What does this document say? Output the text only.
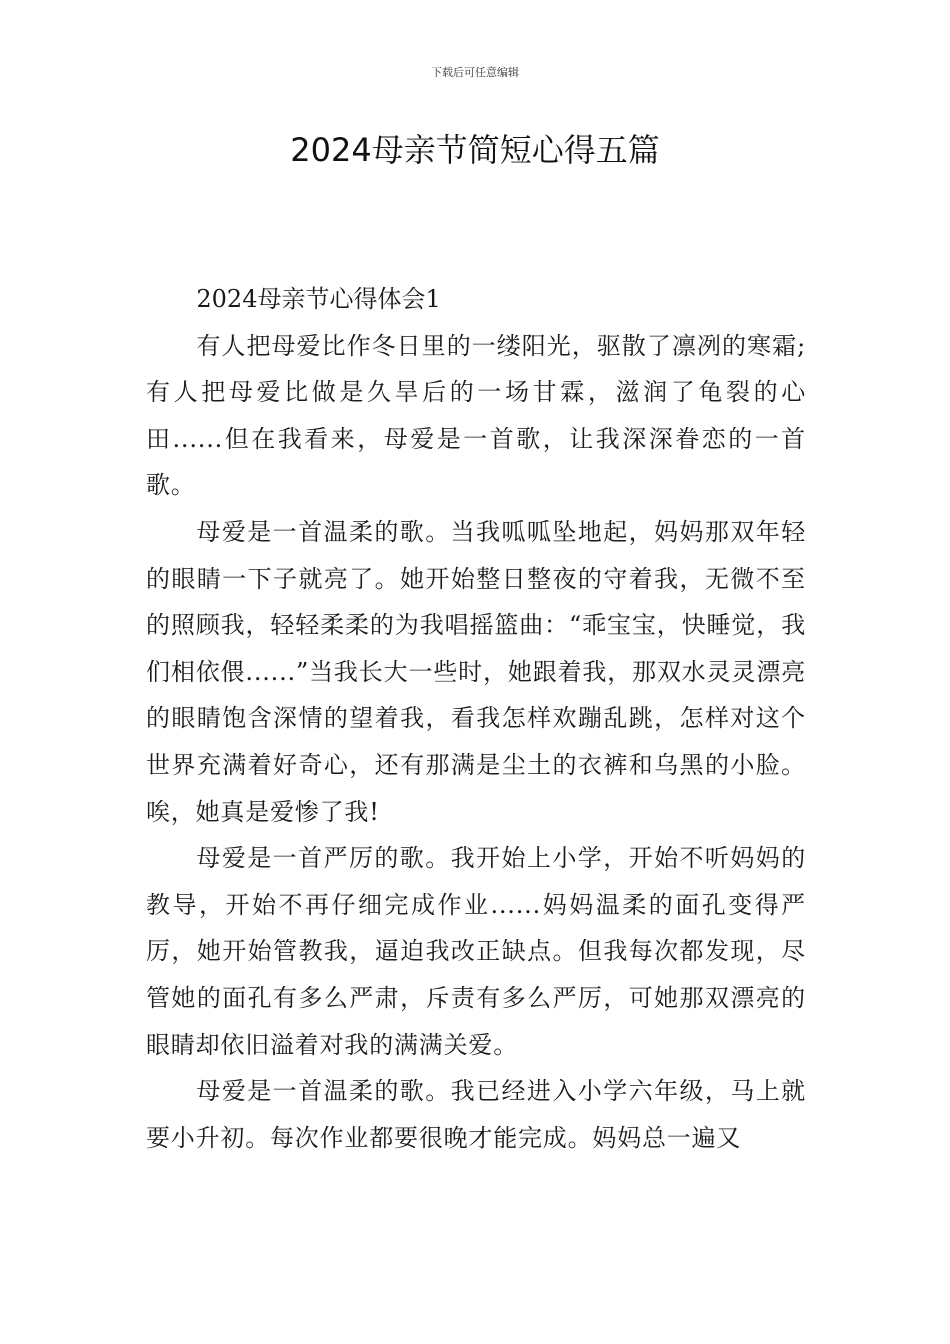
下载后可任意编辑
2024母亲节简短心得五篇

2024母亲节心得体会1

有人把母爱比作冬日里的一缕阳光，驱散了凛冽的寒霜;有人把母爱比做是久旱后的一场甘霖，滋润了龟裂的心田......但在我看来，母爱是一首歌，让我深深眷恋的一首歌。

母爱是一首温柔的歌。当我呱呱坠地起，妈妈那双年轻的眼睛一下子就亮了。她开始整日整夜的守着我，无微不至的照顾我，轻轻柔柔的为我唱摇篮曲：“乖宝宝，快睡觉，我们相依偎......”当我长大一些时，她跟着我，那双水灵灵漂亮的眼睛饱含深情的望着我，看我怎样欢蹦乱跳，怎样对这个世界充满着好奇心，还有那满是尘土的衣裤和乌黑的小脸。唉，她真是爱惨了我!

母爱是一首严厉的歌。我开始上小学，开始不听妈妈的教导，开始不再仔细完成作业......妈妈温柔的面孔变得严厉，她开始管教我，逼迫我改正缺点。但我每次都发现，尽管她的面孔有多么严肃，斥责有多么严厉，可她那双漂亮的眼睛却依旧溢着对我的满满关爱。

母爱是一首温柔的歌。我已经进入小学六年级，马上就要小升初。每次作业都要很晚才能完成。妈妈总一遍又
